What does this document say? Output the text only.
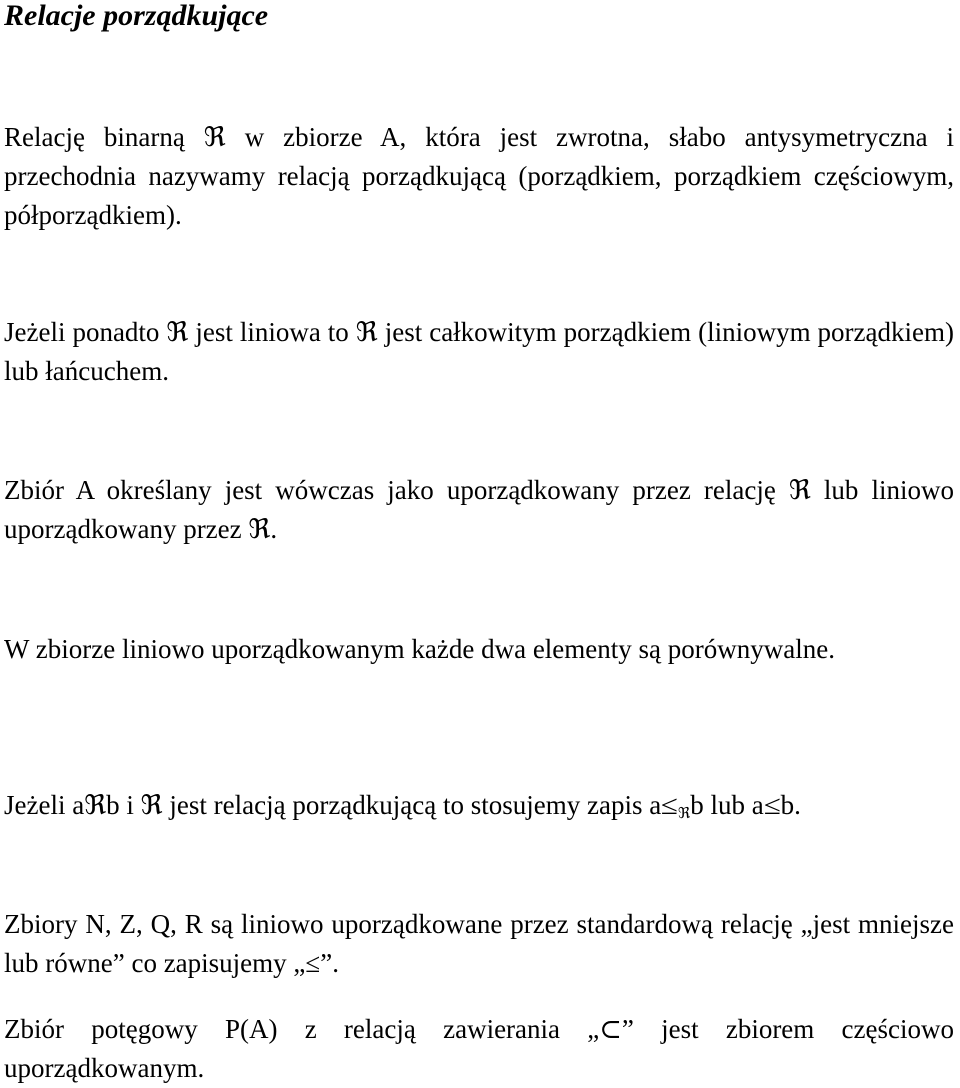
Relacje porządkujące

Relację binarną ℜ w zbiorze A, która jest zwrotna, słabo antysymetryczna i przechodnia nazywamy relacją porządkującą (porządkiem, porządkiem częściowym, półporządkiem).

Jeżeli ponadto ℜ jest liniowa to ℜ jest całkowitym porządkiem (liniowym porządkiem) lub łańcuchem.

Zbiór A określany jest wówczas jako uporządkowany przez relację ℜ lub liniowo uporządkowany przez ℜ.

W zbiorze liniowo uporządkowanym każde dwa elementy są porównywalne.

Jeżeli aℜb i ℜ jest relacją porządkującą to stosujemy zapis a≤ℜb lub a≤b.

Zbiory N, Z, Q, R są liniowo uporządkowane przez standardową relację „jest mniejsze lub równe” co zapisujemy „≤”.

Zbiór potęgowy P(A) z relacją zawierania „⊂” jest zbiorem częściowo uporządkowanym.
